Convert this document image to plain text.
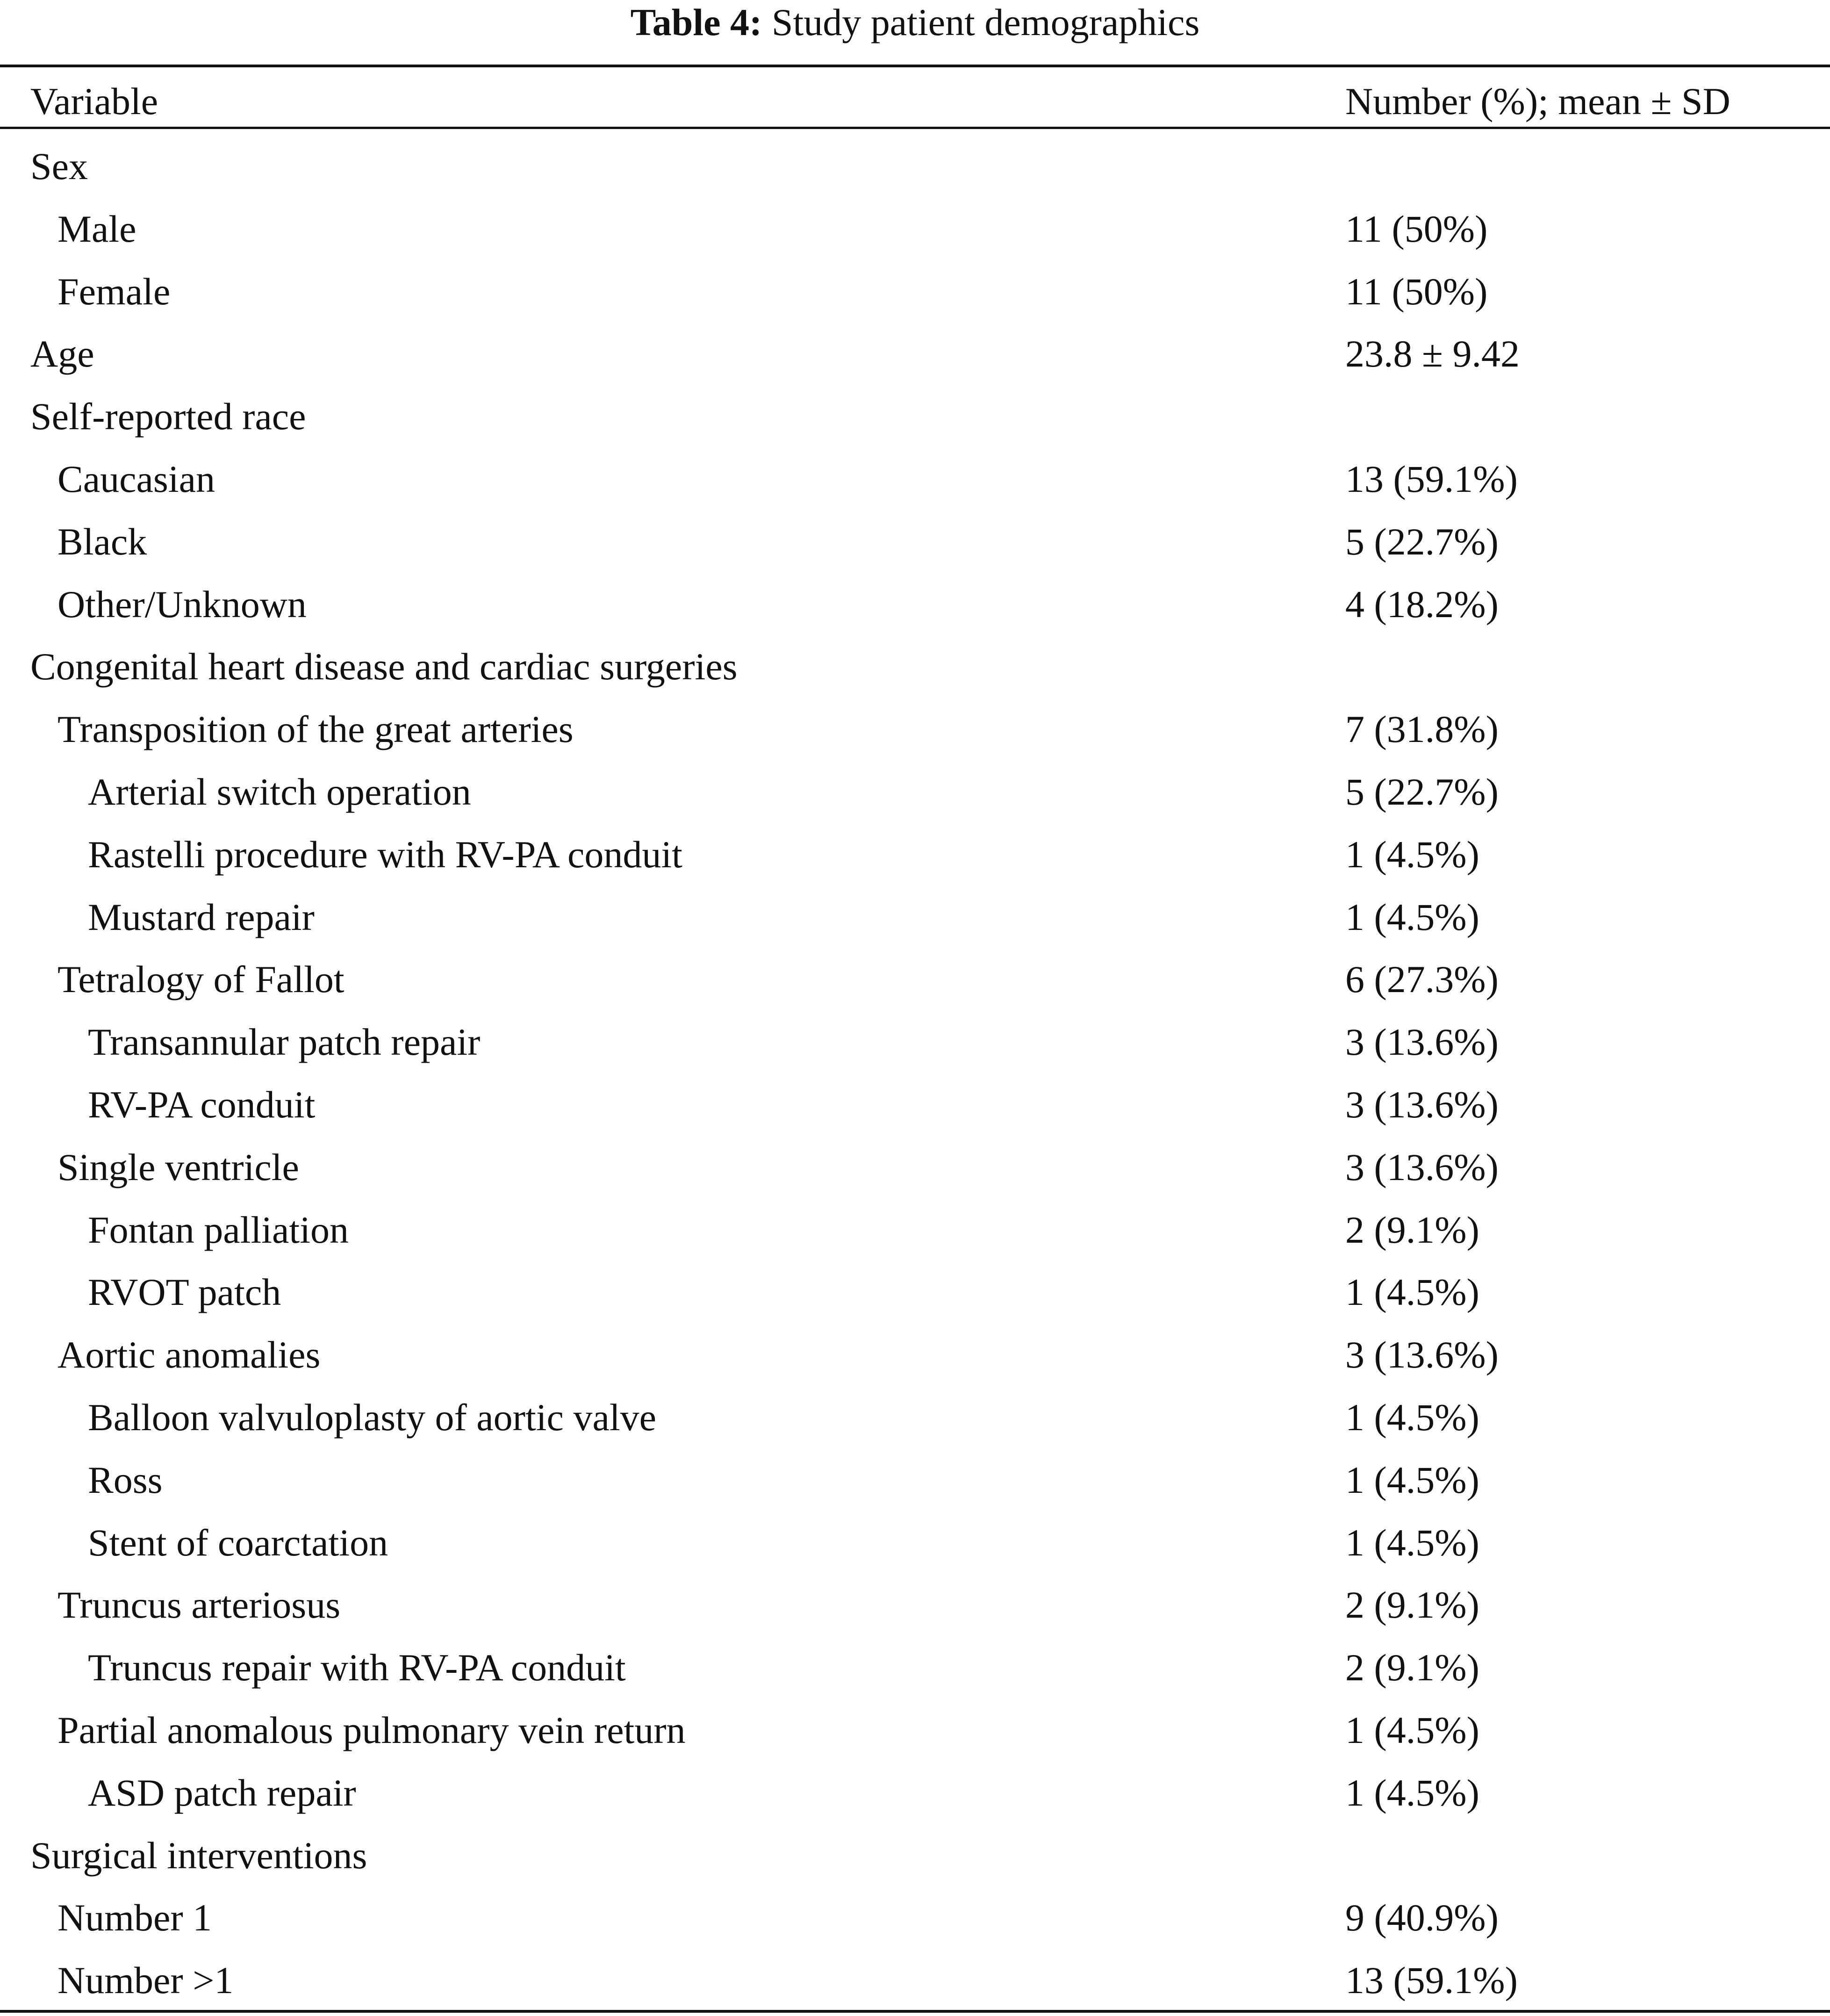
Table 4: Study patient demographics
Variable	Number (%); mean ± SD
Sex
Male	11 (50%)
Female	11 (50%)
Age	23.8 ± 9.42
Self-reported race
Caucasian	13 (59.1%)
Black	5 (22.7%)
Other/Unknown	4 (18.2%)
Congenital heart disease and cardiac surgeries
Transposition of the great arteries	7 (31.8%)
Arterial switch operation	5 (22.7%)
Rastelli procedure with RV-PA conduit	1 (4.5%)
Mustard repair	1 (4.5%)
Tetralogy of Fallot	6 (27.3%)
Transannular patch repair	3 (13.6%)
RV-PA conduit	3 (13.6%)
Single ventricle	3 (13.6%)
Fontan palliation	2 (9.1%)
RVOT patch	1 (4.5%)
Aortic anomalies	3 (13.6%)
Balloon valvuloplasty of aortic valve	1 (4.5%)
Ross	1 (4.5%)
Stent of coarctation	1 (4.5%)
Truncus arteriosus	2 (9.1%)
Truncus repair with RV-PA conduit	2 (9.1%)
Partial anomalous pulmonary vein return	1 (4.5%)
ASD patch repair	1 (4.5%)
Surgical interventions
Number 1	9 (40.9%)
Number >1	13 (59.1%)
